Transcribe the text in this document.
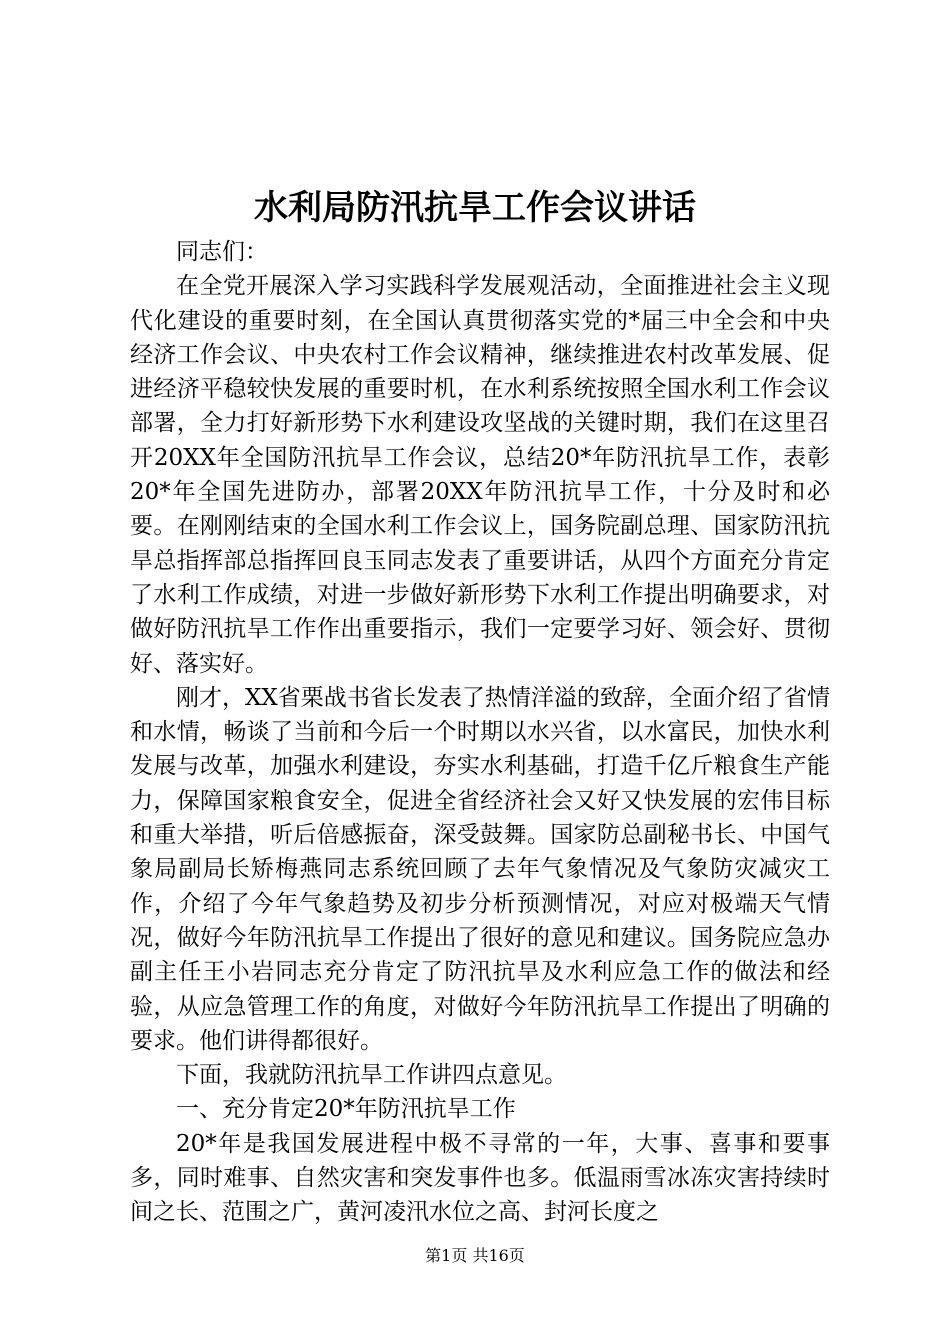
水利局防汛抗旱工作会议讲话

同志们：

在全党开展深入学习实践科学发展观活动，全面推进社会主义现代化建设的重要时刻，在全国认真贯彻落实党的*届三中全会和中央经济工作会议、中央农村工作会议精神，继续推进农村改革发展、促进经济平稳较快发展的重要时机，在水利系统按照全国水利工作会议部署，全力打好新形势下水利建设攻坚战的关键时期，我们在这里召开20XX年全国防汛抗旱工作会议，总结20*年防汛抗旱工作，表彰20*年全国先进防办，部署20XX年防汛抗旱工作，十分及时和必要。在刚刚结束的全国水利工作会议上，国务院副总理、国家防汛抗旱总指挥部总指挥回良玉同志发表了重要讲话，从四个方面充分肯定了水利工作成绩，对进一步做好新形势下水利工作提出明确要求，对做好防汛抗旱工作作出重要指示，我们一定要学习好、领会好、贯彻好、落实好。

刚才，XX省栗战书省长发表了热情洋溢的致辞，全面介绍了省情和水情，畅谈了当前和今后一个时期以水兴省，以水富民，加快水利发展与改革，加强水利建设，夯实水利基础，打造千亿斤粮食生产能力，保障国家粮食安全，促进全省经济社会又好又快发展的宏伟目标和重大举措，听后倍感振奋，深受鼓舞。国家防总副秘书长、中国气象局副局长矫梅燕同志系统回顾了去年气象情况及气象防灾减灾工作，介绍了今年气象趋势及初步分析预测情况，对应对极端天气情况，做好今年防汛抗旱工作提出了很好的意见和建议。国务院应急办副主任王小岩同志充分肯定了防汛抗旱及水利应急工作的做法和经验，从应急管理工作的角度，对做好今年防汛抗旱工作提出了明确的要求。他们讲得都很好。

下面，我就防汛抗旱工作讲四点意见。

一、充分肯定20*年防汛抗旱工作

20*年是我国发展进程中极不寻常的一年，大事、喜事和要事多，同时难事、自然灾害和突发事件也多。低温雨雪冰冻灾害持续时间之长、范围之广，黄河凌汛水位之高、封河长度之

第1页 共16页
